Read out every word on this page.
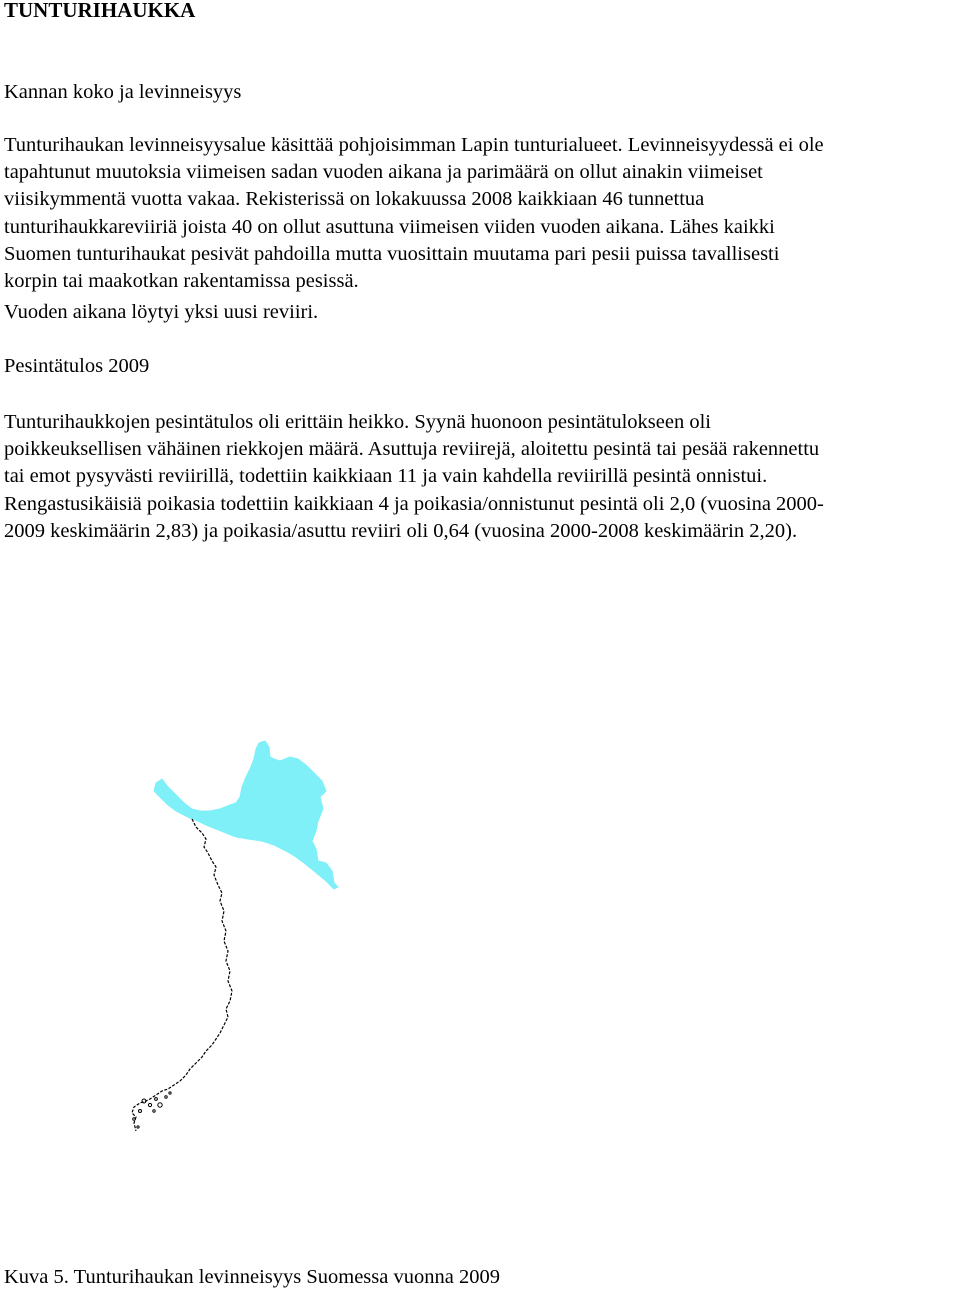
TUNTURIHAUKKA

Kannan koko ja levinneisyys

Tunturihaukan levinneisyysalue käsittää pohjoisimman Lapin tunturialueet. Levinneisyydessä ei ole
tapahtunut muutoksia viimeisen sadan vuoden aikana ja parimäärä on ollut ainakin viimeiset
viisikymmentä vuotta vakaa. Rekisterissä on lokakuussa 2008 kaikkiaan 46 tunnettua
tunturihaukkareviiriä joista 40 on ollut asuttuna viimeisen viiden vuoden aikana. Lähes kaikki
Suomen tunturihaukat pesivät pahdoilla mutta vuosittain muutama pari pesii puissa tavallisesti
korpin tai maakotkan rakentamissa pesissä.

Vuoden aikana löytyi yksi uusi reviiri.

Pesintätulos 2009

Tunturihaukkojen pesintätulos oli erittäin heikko. Syynä huonoon pesintätulokseen oli
poikkeuksellisen vähäinen riekkojen määrä. Asuttuja reviirejä, aloitettu pesintä tai pesää rakennettu
tai emot pysyvästi reviirillä, todettiin kaikkiaan 11 ja vain kahdella reviirillä pesintä onnistui.
Rengastusikäisiä poikasia todettiin kaikkiaan 4 ja poikasia/onnistunut pesintä oli 2,0 (vuosina 2000-
2009 keskimäärin 2,83) ja poikasia/asuttu reviiri oli 0,64 (vuosina 2000-2008 keskimäärin 2,20).

Kuva 5. Tunturihaukan levinneisyys Suomessa vuonna 2009
